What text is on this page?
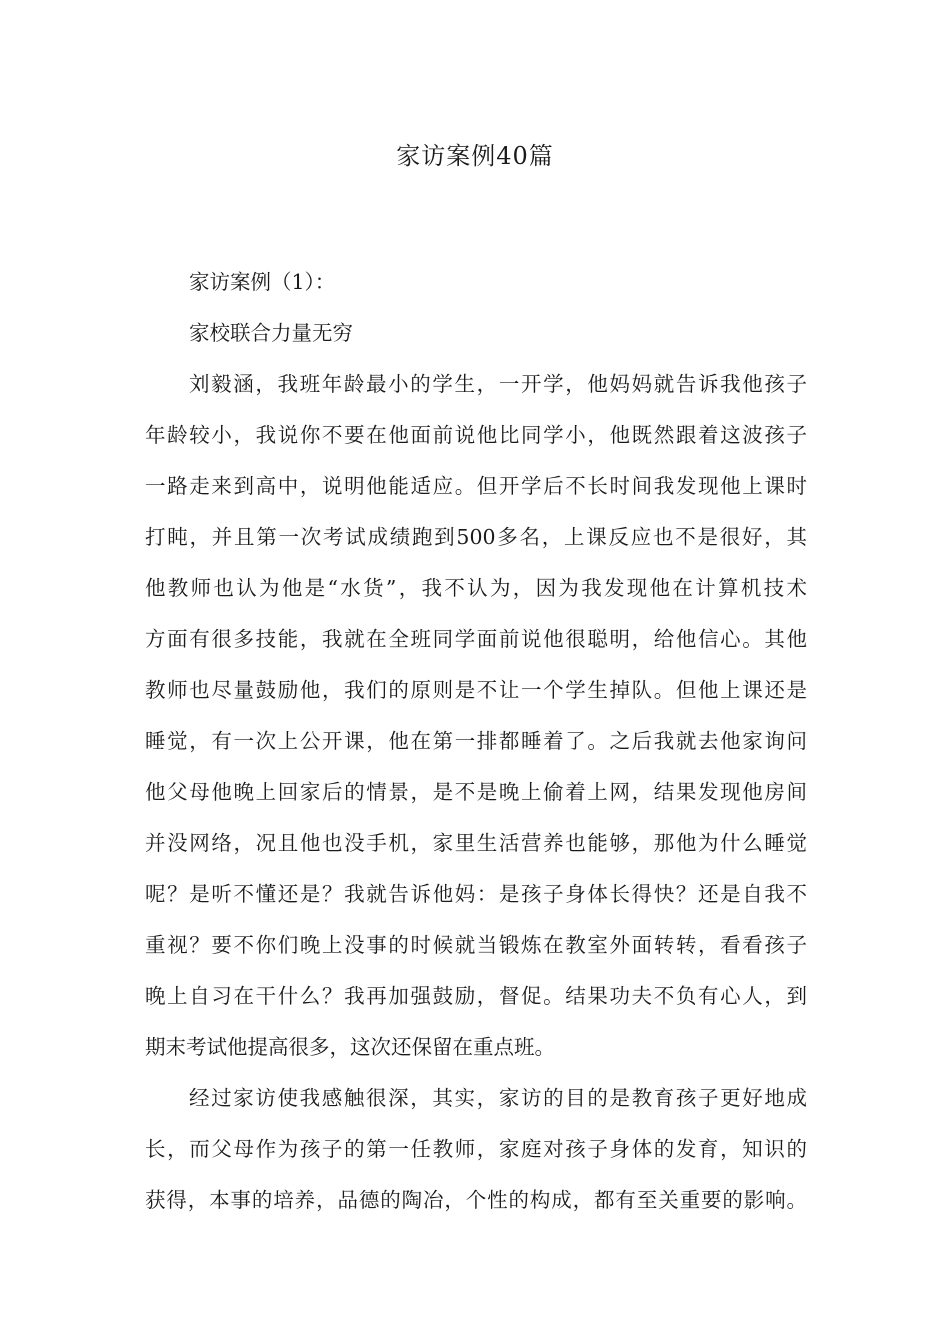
家访案例40篇
家访案例（1）：
家校联合力量无穷
刘毅涵，我班年龄最小的学生，一开学，他妈妈就告诉我他孩子
年龄较小，我说你不要在他面前说他比同学小，他既然跟着这波孩子
一路走来到高中，说明他能适应。但开学后不长时间我发现他上课时
打盹，并且第一次考试成绩跑到500多名，上课反应也不是很好，其
他教师也认为他是“水货”，我不认为，因为我发现他在计算机技术
方面有很多技能，我就在全班同学面前说他很聪明，给他信心。其他
教师也尽量鼓励他，我们的原则是不让一个学生掉队。但他上课还是
睡觉，有一次上公开课，他在第一排都睡着了。之后我就去他家询问
他父母他晚上回家后的情景，是不是晚上偷着上网，结果发现他房间
并没网络，况且他也没手机，家里生活营养也能够，那他为什么睡觉
呢？是听不懂还是？我就告诉他妈：是孩子身体长得快？还是自我不
重视？要不你们晚上没事的时候就当锻炼在教室外面转转，看看孩子
晚上自习在干什么？我再加强鼓励，督促。结果功夫不负有心人，到
期末考试他提高很多，这次还保留在重点班。
经过家访使我感触很深，其实，家访的目的是教育孩子更好地成
长，而父母作为孩子的第一任教师，家庭对孩子身体的发育，知识的
获得，本事的培养，品德的陶冶，个性的构成，都有至关重要的影响。
